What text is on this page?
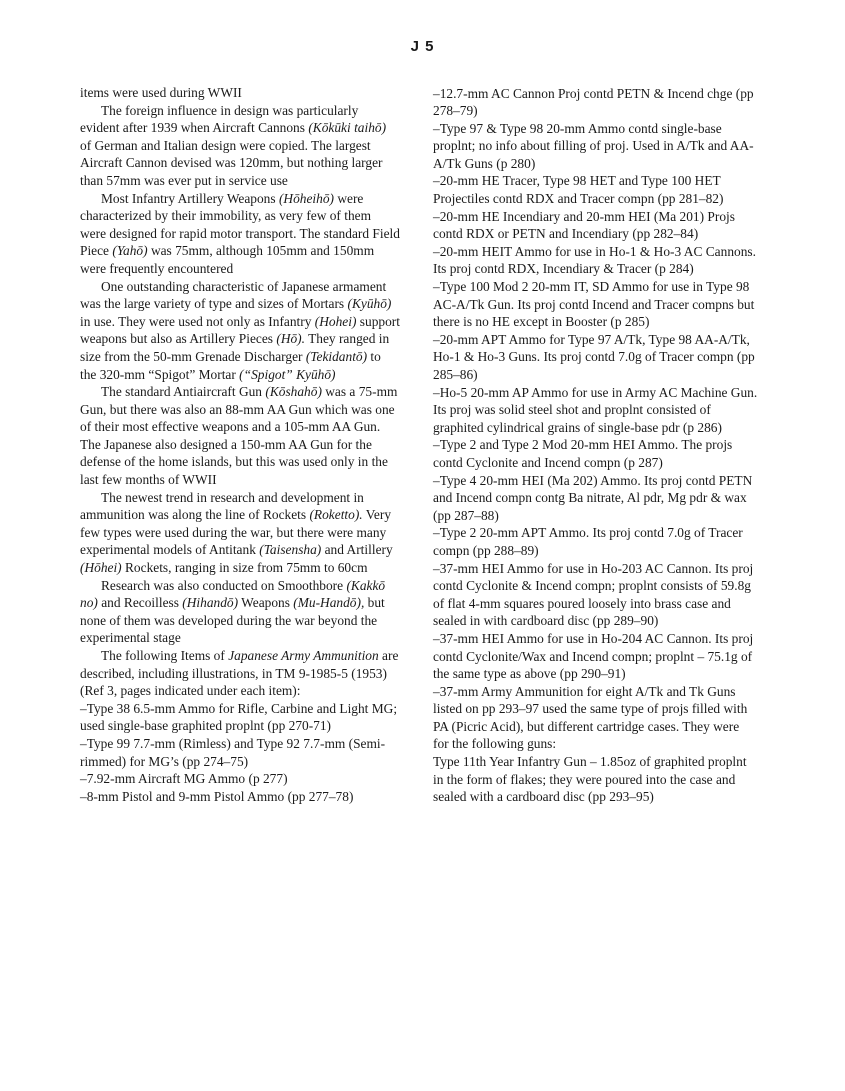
J 5

items were used during WWII

The foreign influence in design was particularly evident after 1939 when Aircraft Cannons (Kōkūki taihō) of German and Italian design were copied. The largest Aircraft Cannon devised was 120mm, but nothing larger than 57mm was ever put in service use

Most Infantry Artillery Weapons (Hōheihō) were characterized by their immobility, as very few of them were designed for rapid motor transport. The standard Field Piece (Yahō) was 75mm, although 105mm and 150mm were frequently encountered

One outstanding characteristic of Japanese armament was the large variety of type and sizes of Mortars (Kyūhō) in use. They were used not only as Infantry (Hohei) support weapons but also as Artillery Pieces (Hō). They ranged in size from the 50-mm Grenade Discharger (Tekidantō) to the 320-mm “Spigot” Mortar (“Spigot” Kyūhō)

The standard Antiaircraft Gun (Kōshahō) was a 75-mm Gun, but there was also an 88-mm AA Gun which was one of their most effective weapons and a 105-mm AA Gun. The Japanese also designed a 150-mm AA Gun for the defense of the home islands, but this was used only in the last few months of WWII

The newest trend in research and development in ammunition was along the line of Rockets (Roketto). Very few types were used during the war, but there were many experimental models of Antitank (Taisensha) and Artillery (Hōhei) Rockets, ranging in size from 75mm to 60cm

Research was also conducted on Smoothbore (Kakkō no) and Recoilless (Hihandō) Weapons (Mu-Handō), but none of them was developed during the war beyond the experimental stage

The following Items of Japanese Army Ammunition are described, including illustrations, in TM 9-1985-5 (1953) (Ref 3, pages indicated under each item):

–Type 38 6.5-mm Ammo for Rifle, Carbine and Light MG; used single-base graphited proplnt (pp 270-71)

–Type 99 7.7-mm (Rimless) and Type 92 7.7-mm (Semi-rimmed) for MG’s (pp 274–75)

–7.92-mm Aircraft MG Ammo (p 277)

–8-mm Pistol and 9-mm Pistol Ammo (pp 277–78)

–12.7-mm AC Cannon Proj contd PETN & Incend chge (pp 278–79)

–Type 97 & Type 98 20-mm Ammo contd single-base proplnt; no info about filling of proj. Used in A/Tk and AA-A/Tk Guns (p 280)

–20-mm HE Tracer, Type 98 HET and Type 100 HET Projectiles contd RDX and Tracer compn (pp 281–82)

–20-mm HE Incendiary and 20-mm HEI (Ma 201) Projs contd RDX or PETN and Incendiary (pp 282–84)

–20-mm HEIT Ammo for use in Ho-1 & Ho-3 AC Cannons. Its proj contd RDX, Incendiary & Tracer (p 284)

–Type 100 Mod 2 20-mm IT, SD Ammo for use in Type 98 AC-A/Tk Gun. Its proj contd Incend and Tracer compns but there is no HE except in Booster (p 285)

–20-mm APT Ammo for Type 97 A/Tk, Type 98 AA-A/Tk, Ho-1 & Ho-3 Guns. Its proj contd 7.0g of Tracer compn (pp 285–86)

–Ho-5 20-mm AP Ammo for use in Army AC Machine Gun. Its proj was solid steel shot and proplnt consisted of graphited cylindrical grains of single-base pdr (p 286)

–Type 2 and Type 2 Mod 20-mm HEI Ammo. The projs contd Cyclonite and Incend compn (p 287)

–Type 4 20-mm HEI (Ma 202) Ammo. Its proj contd PETN and Incend compn contg Ba nitrate, Al pdr, Mg pdr & wax (pp 287–88)

–Type 2 20-mm APT Ammo. Its proj contd 7.0g of Tracer compn (pp 288–89)

–37-mm HEI Ammo for use in Ho-203 AC Cannon. Its proj contd Cyclonite & Incend compn; proplnt consists of 59.8g of flat 4-mm squares poured loosely into brass case and sealed in with cardboard disc (pp 289–90)

–37-mm HEI Ammo for use in Ho-204 AC Cannon. Its proj contd Cyclonite/Wax and Incend compn; proplnt – 75.1g of the same type as above (pp 290–91)

–37-mm Army Ammunition for eight A/Tk and Tk Guns listed on pp 293–97 used the same type of projs filled with PA (Picric Acid), but different cartridge cases. They were for the following guns:

Type 11th Year Infantry Gun – 1.85oz of graphited proplnt in the form of flakes; they were poured into the case and sealed with a cardboard disc (pp 293–95)
